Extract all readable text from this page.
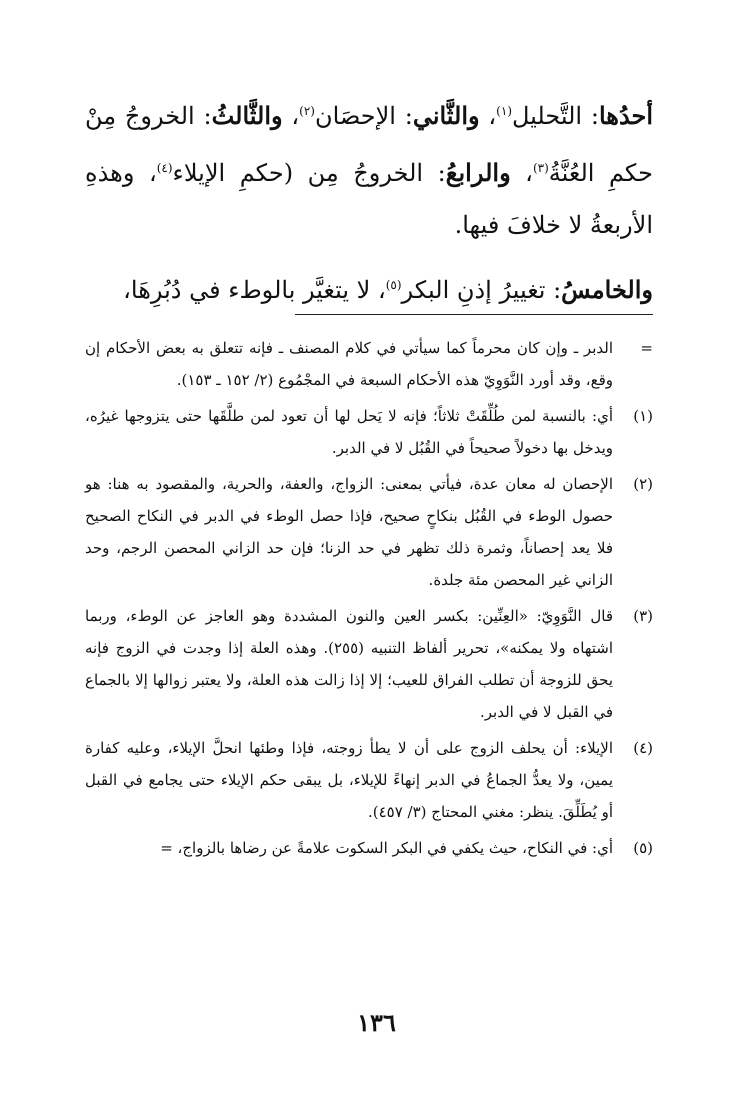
أحدُها: التَّحليل$^{(١)}$، والثَّاني: الإحصَان$^{(٢)}$، والثَّالثُ: الخروجُ مِنْ حكمِ العُنَّةُ$^{(٣)}$، والرابعُ: الخروجُ مِن (حكمِ الإيلاء$^{(٤)}$، وهذهِ الأربعةُ لا خلافَ فيها.

والخامسُ: تغييرُ إذنِ البكر$^{(٥)}$، لا يتغيَّر بالوطء في دُبُرِهَا،

=
الدبر ـ وإن كان محرماً كما سيأتي في كلام المصنف ـ فإنه تتعلق به بعض الأحكام إن وقع، وقد أورد النَّوَوِيّ هذه الأحكام السبعة في المجْمُوع (٢/ ١٥٢ ـ ١٥٣).
(١)
أي: بالنسبة لمن طُلِّقَتْ ثلاثاً؛ فإنه لا يَحل لها أن تعود لمن طلَّقَها حتى يتزوجها غيرُه، ويدخل بها دخولاً صحيحاً في القُبُل لا في الدبر.
(٢)
الإحصان له معان عدة، فيأتي بمعنى: الزواج، والعفة، والحرية، والمقصود به هنا: هو حصول الوطء في القُبُل بنكاحٍ صحيح، فإذا حصل الوطء في الدبر في النكاح الصحيح فلا يعد إحصاناً، وثمرة ذلك تظهر في حد الزنا؛ فإن حد الزاني المحصن الرجم، وحد الزاني غير المحصن مئة جلدة.
(٣)
قال النَّوَوِيّ: «العِنِّين: بكسر العين والنون المشددة وهو العاجز عن الوطء، وربما اشتهاه ولا يمكنه»، تحرير ألفاظ التنبيه (٢٥٥). وهذه العلة إذا وجدت في الزوج فإنه يحق للزوجة أن تطلب الفراق للعيب؛ إلا إذا زالت هذه العلة، ولا يعتبر زوالها إلا بالجماع في القبل لا في الدبر.
(٤)
الإيلاء: أن يحلف الزوج على أن لا يطأ زوجته، فإذا وطئها انحلَّ الإيلاء، وعليه كفارة يمين، ولا يعدُّ الجماعُ في الدبر إنهاءً للإيلاء، بل يبقى حكم الإيلاء حتى يجامع في القبل أو يُطَلِّقَ. ينظر: مغني المحتاج (٣/ ٤٥٧).
(٥)
أي: في النكاح، حيث يكفي في البكر السكوت علامةً عن رضاها بالزواج، =
١٣٦
